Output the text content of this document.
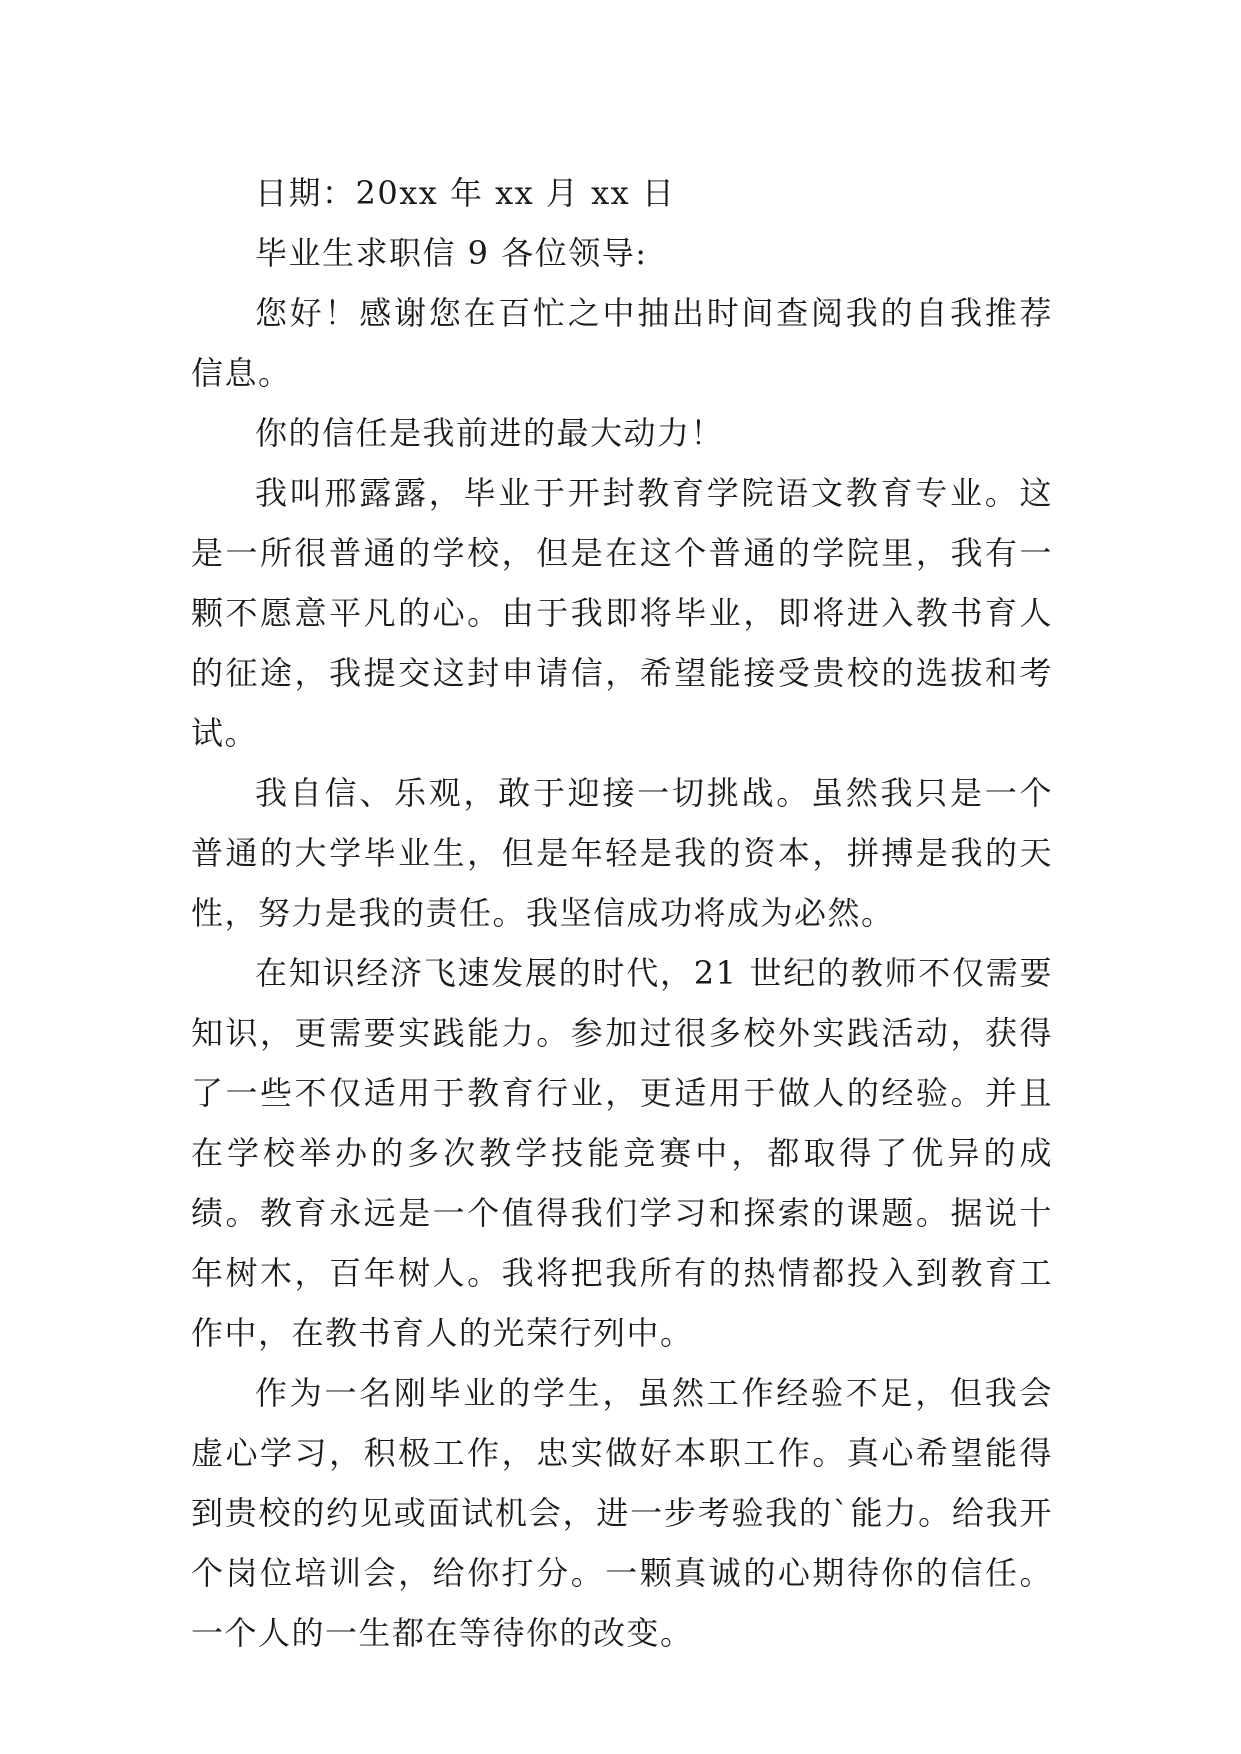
日期：20xx 年 xx 月 xx 日

毕业生求职信 9 各位领导:

您好！感谢您在百忙之中抽出时间查阅我的自我推荐信息。

你的信任是我前进的最大动力！

我叫邢露露，毕业于开封教育学院语文教育专业。这是一所很普通的学校，但是在这个普通的学院里，我有一颗不愿意平凡的心。由于我即将毕业，即将进入教书育人的征途，我提交这封申请信，希望能接受贵校的选拔和考试。

我自信、乐观，敢于迎接一切挑战。虽然我只是一个普通的大学毕业生，但是年轻是我的资本，拼搏是我的天性，努力是我的责任。我坚信成功将成为必然。

在知识经济飞速发展的时代，21 世纪的教师不仅需要知识，更需要实践能力。参加过很多校外实践活动，获得了一些不仅适用于教育行业，更适用于做人的经验。并且在学校举办的多次教学技能竞赛中，都取得了优异的成绩。教育永远是一个值得我们学习和探索的课题。据说十年树木，百年树人。我将把我所有的热情都投入到教育工作中，在教书育人的光荣行列中。

作为一名刚毕业的学生，虽然工作经验不足，但我会虚心学习，积极工作，忠实做好本职工作。真心希望能得到贵校的约见或面试机会，进一步考验我的`能力。给我开个岗位培训会，给你打分。一颗真诚的心期待你的信任。一个人的一生都在等待你的改变。
